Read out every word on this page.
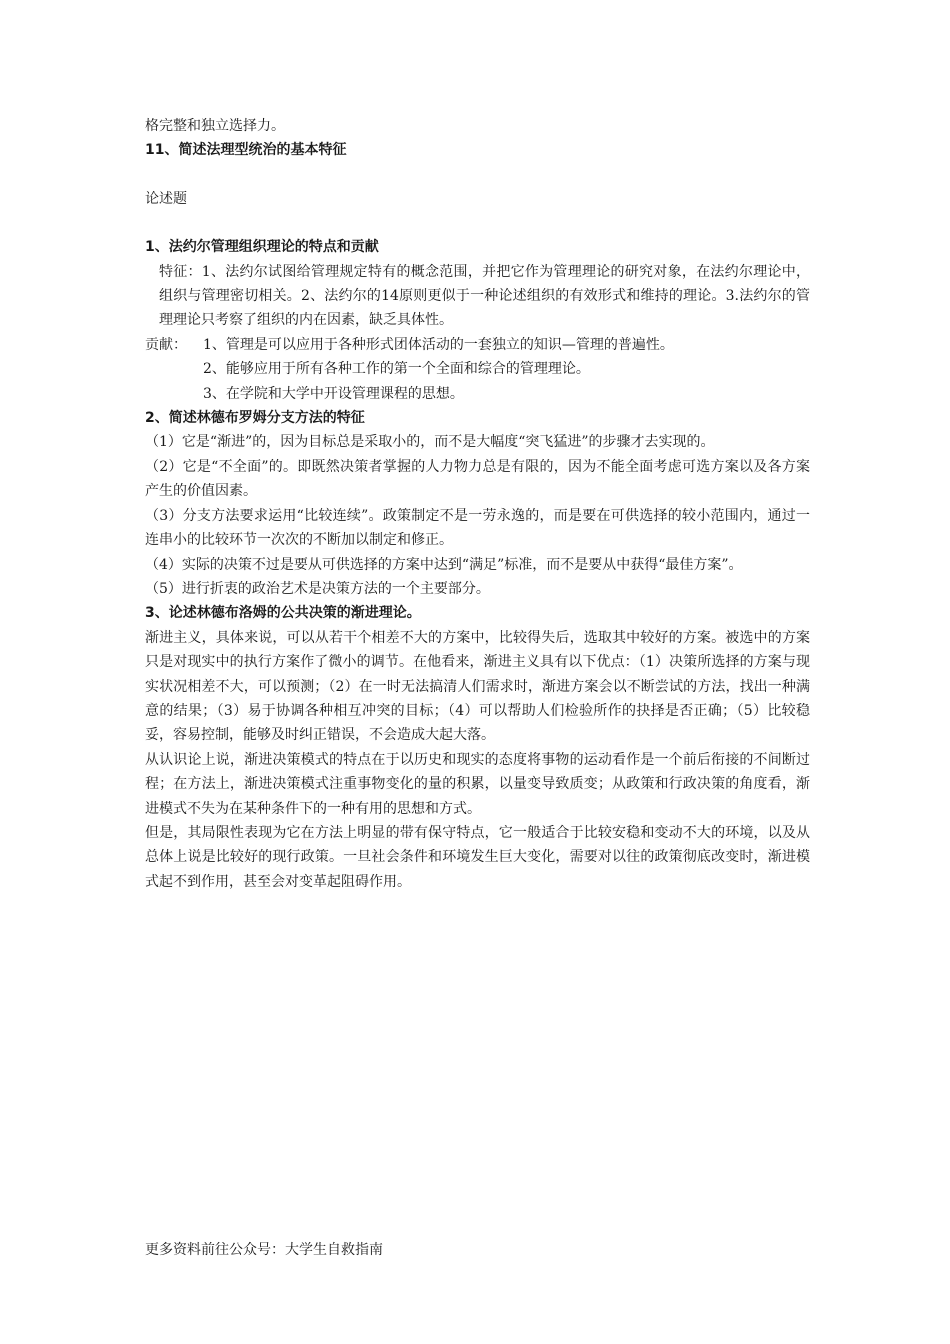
格完整和独立选择力。
11、简述法理型统治的基本特征
论述题
1、法约尔管理组织理论的特点和贡献
特征：1、法约尔试图给管理规定特有的概念范围，并把它作为管理理论的研究对象，在法约尔理论中，组织与管理密切相关。2、法约尔的14原则更似于一种论述组织的有效形式和维持的理论。3.法约尔的管理理论只考察了组织的内在因素，缺乏具体性。
贡献：	1、管理是可以应用于各种形式团体活动的一套独立的知识—管理的普遍性。
2、能够应用于所有各种工作的第一个全面和综合的管理理论。
3、在学院和大学中开设管理课程的思想。
2、简述林德布罗姆分支方法的特征
（1）它是“渐进”的，因为目标总是采取小的，而不是大幅度“突飞猛进”的步骤才去实现的。
（2）它是“不全面”的。即既然决策者掌握的人力物力总是有限的，因为不能全面考虑可选方案以及各方案产生的价值因素。
（3）分支方法要求运用“比较连续”。政策制定不是一劳永逸的，而是要在可供选择的较小范围内，通过一连串小的比较环节一次次的不断加以制定和修正。
（4）实际的决策不过是要从可供选择的方案中达到“满足”标准，而不是要从中获得“最佳方案”。
（5）进行折衷的政治艺术是决策方法的一个主要部分。
3、论述林德布洛姆的公共决策的渐进理论。
渐进主义，具体来说，可以从若干个相差不大的方案中，比较得失后，选取其中较好的方案。被选中的方案只是对现实中的执行方案作了微小的调节。在他看来，渐进主义具有以下优点：（1）决策所选择的方案与现实状况相差不大，可以预测；（2）在一时无法搞清人们需求时，渐进方案会以不断尝试的方法，找出一种满意的结果；（3）易于协调各种相互冲突的目标；（4）可以帮助人们检验所作的抉择是否正确；（5）比较稳妥，容易控制，能够及时纠正错误，不会造成大起大落。
从认识论上说，渐进决策模式的特点在于以历史和现实的态度将事物的运动看作是一个前后衔接的不间断过程；在方法上，渐进决策模式注重事物变化的量的积累，以量变导致质变；从政策和行政决策的角度看，渐进模式不失为在某种条件下的一种有用的思想和方式。
但是，其局限性表现为它在方法上明显的带有保守特点，它一般适合于比较安稳和变动不大的环境，以及从总体上说是比较好的现行政策。一旦社会条件和环境发生巨大变化，需要对以往的政策彻底改变时，渐进模式起不到作用，甚至会对变革起阻碍作用。
更多资料前往公众号：大学生自救指南
